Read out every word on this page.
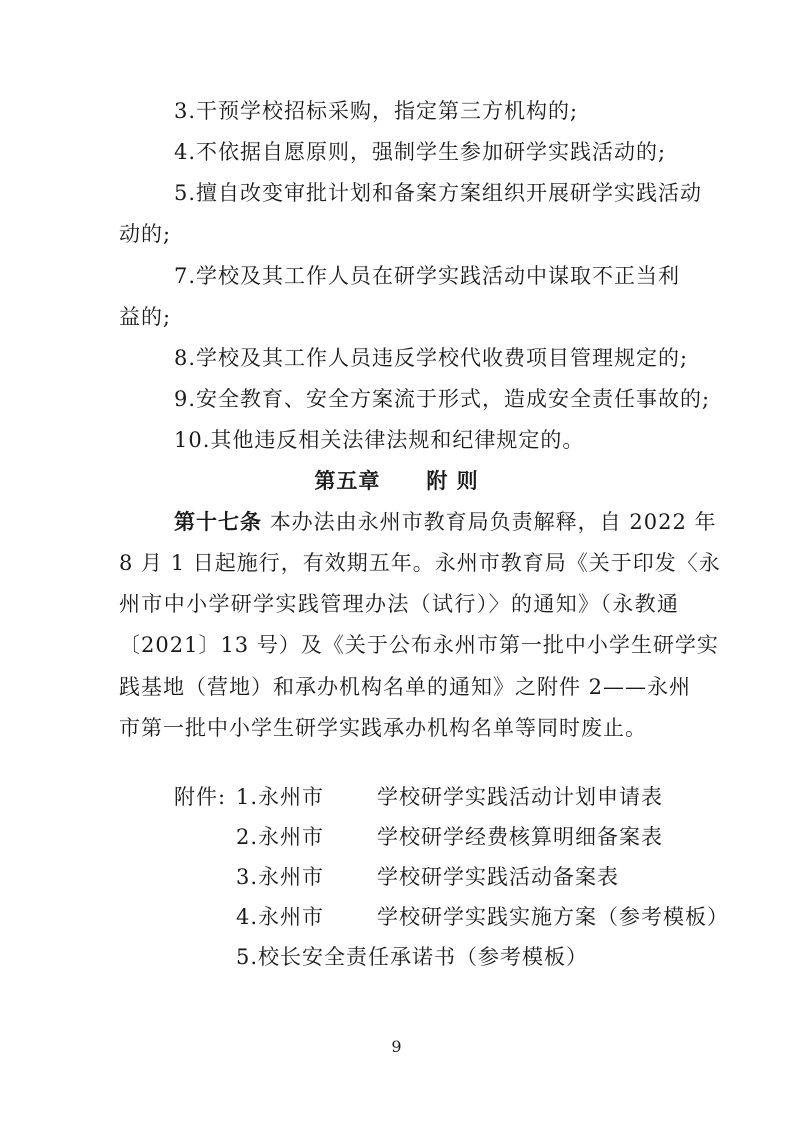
3.干预学校招标采购，指定第三方机构的;
4.不依据自愿原则，强制学生参加研学实践活动的;
5.擅自改变审批计划和备案方案组织开展研学实践活动
动的;
7.学校及其工作人员在研学实践活动中谋取不正当利
益的;
8.学校及其工作人员违反学校代收费项目管理规定的;
9.安全教育、安全方案流于形式，造成安全责任事故的;
10.其他违反相关法律法规和纪律规定的。
第五章 附 则
第十七条 本办法由永州市教育局负责解释，自 2022 年
8 月 1 日起施行，有效期五年。永州市教育局《关于印发〈永
州市中小学研学实践管理办法（试行）〉的通知》（永教通
〔2021〕13 号）及《关于公布永州市第一批中小学生研学实
践基地（营地）和承办机构名单的通知》之附件 2——永州
市第一批中小学生研学实践承办机构名单等同时废止。
附件: 1.永州市	学校研学实践活动计划申请表
2.永州市	学校研学经费核算明细备案表
3.永州市	学校研学实践活动备案表
4.永州市	学校研学实践实施方案（参考模板）
5.校长安全责任承诺书（参考模板）
9
